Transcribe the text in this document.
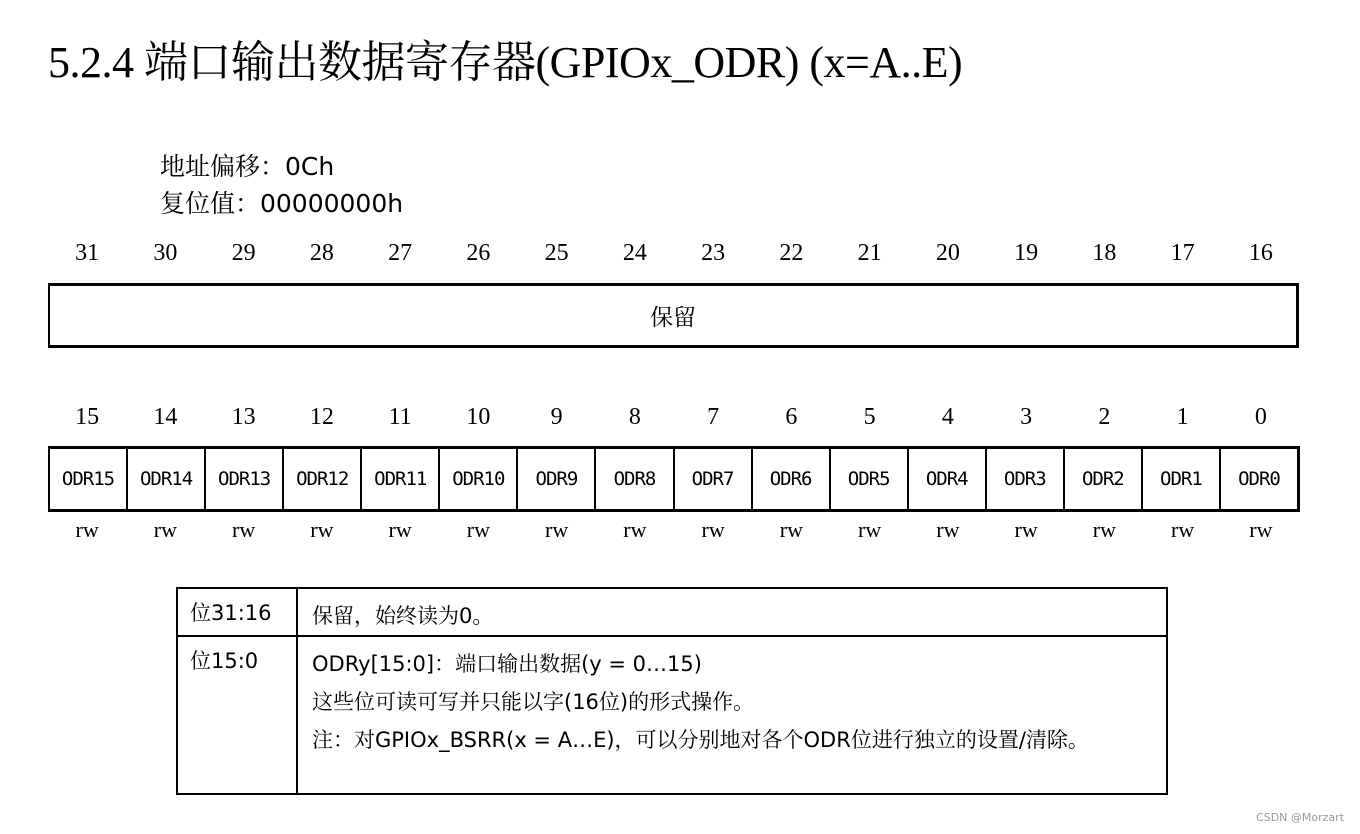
5.2.4 端口输出数据寄存器(GPIOx_ODR) (x=A..E)
地址偏移：0Ch
复位值：00000000h
31	30	29	28	27	26	25	24	23	22	21	20	19	18	17	16
保留
15	14	13	12	11	10	9	8	7	6	5	4	3	2	1	0
ODR15	ODR14	ODR13	ODR12	ODR11	ODR10	ODR9	ODR8	ODR7	ODR6	ODR5	ODR4	ODR3	ODR2	ODR1	ODR0
rw	rw	rw	rw	rw	rw	rw	rw	rw	rw	rw	rw	rw	rw	rw	rw
位31:16	保留，始终读为0。

位15:0	ODRy[15:0]：端口输出数据(y = 0…15)
这些位可读可写并只能以字(16位)的形式操作。
注：对GPIOx_BSRR(x = A…E)，可以分别地对各个ODR位进行独立的设置/清除。
CSDN @Morzart
